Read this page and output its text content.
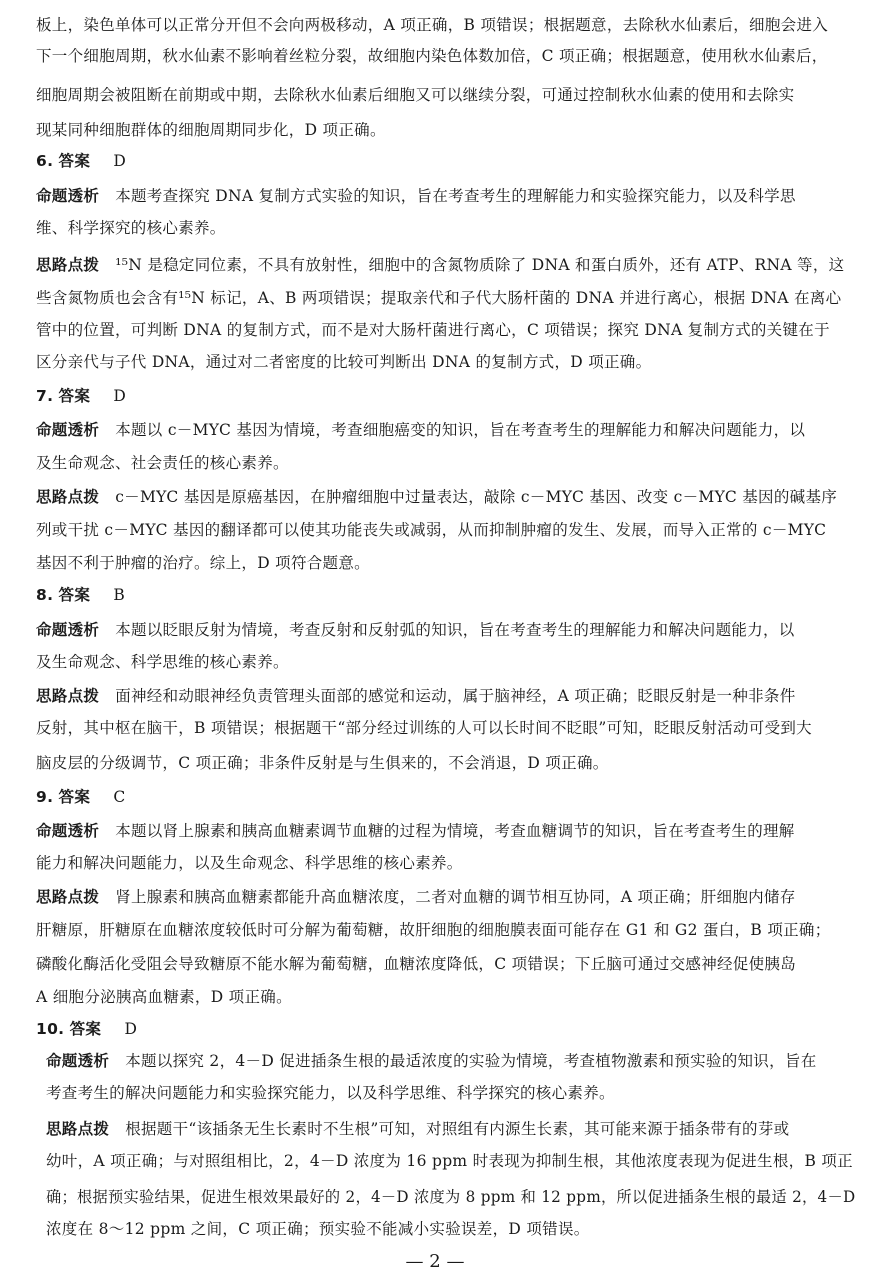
板上，染色单体可以正常分开但不会向两极移动，A 项正确，B 项错误；根据题意，去除秋水仙素后，细胞会进入
下一个细胞周期，秋水仙素不影响着丝粒分裂，故细胞内染色体数加倍，C 项正确；根据题意，使用秋水仙素后，
细胞周期会被阻断在前期或中期，去除秋水仙素后细胞又可以继续分裂，可通过控制秋水仙素的使用和去除实
现某同种细胞群体的细胞周期同步化，D 项正确。
6. 答案 D
命题透析 本题考查探究 DNA 复制方式实验的知识，旨在考查考生的理解能力和实验探究能力，以及科学思
维、科学探究的核心素养。
思路点拨 ¹⁵N 是稳定同位素，不具有放射性，细胞中的含氮物质除了 DNA 和蛋白质外，还有 ATP、RNA 等，这
些含氮物质也会含有¹⁵N 标记，A、B 两项错误；提取亲代和子代大肠杆菌的 DNA 并进行离心，根据 DNA 在离心
管中的位置，可判断 DNA 的复制方式，而不是对大肠杆菌进行离心，C 项错误；探究 DNA 复制方式的关键在于
区分亲代与子代 DNA，通过对二者密度的比较可判断出 DNA 的复制方式，D 项正确。
7. 答案 D
命题透析 本题以 c－MYC 基因为情境，考查细胞癌变的知识，旨在考查考生的理解能力和解决问题能力，以
及生命观念、社会责任的核心素养。
思路点拨 c－MYC 基因是原癌基因，在肿瘤细胞中过量表达，敲除 c－MYC 基因、改变 c－MYC 基因的碱基序
列或干扰 c－MYC 基因的翻译都可以使其功能丧失或减弱，从而抑制肿瘤的发生、发展，而导入正常的 c－MYC
基因不利于肿瘤的治疗。综上，D 项符合题意。
8. 答案 B
命题透析 本题以眨眼反射为情境，考查反射和反射弧的知识，旨在考查考生的理解能力和解决问题能力，以
及生命观念、科学思维的核心素养。
思路点拨 面神经和动眼神经负责管理头面部的感觉和运动，属于脑神经，A 项正确；眨眼反射是一种非条件
反射，其中枢在脑干，B 项错误；根据题干“部分经过训练的人可以长时间不眨眼”可知，眨眼反射活动可受到大
脑皮层的分级调节，C 项正确；非条件反射是与生俱来的，不会消退，D 项正确。
9. 答案 C
命题透析 本题以肾上腺素和胰高血糖素调节血糖的过程为情境，考查血糖调节的知识，旨在考查考生的理解
能力和解决问题能力，以及生命观念、科学思维的核心素养。
思路点拨 肾上腺素和胰高血糖素都能升高血糖浓度，二者对血糖的调节相互协同，A 项正确；肝细胞内储存
肝糖原，肝糖原在血糖浓度较低时可分解为葡萄糖，故肝细胞的细胞膜表面可能存在 G1 和 G2 蛋白，B 项正确；
磷酸化酶活化受阻会导致糖原不能水解为葡萄糖，血糖浓度降低，C 项错误；下丘脑可通过交感神经促使胰岛
A 细胞分泌胰高血糖素，D 项正确。
10. 答案 D
命题透析 本题以探究 2，4－D 促进插条生根的最适浓度的实验为情境，考查植物激素和预实验的知识，旨在
考查考生的解决问题能力和实验探究能力，以及科学思维、科学探究的核心素养。
思路点拨 根据题干“该插条无生长素时不生根”可知，对照组有内源生长素，其可能来源于插条带有的芽或
幼叶，A 项正确；与对照组相比，2，4－D 浓度为 16 ppm 时表现为抑制生根，其他浓度表现为促进生根，B 项正
确；根据预实验结果，促进生根效果最好的 2，4－D 浓度为 8 ppm 和 12 ppm，所以促进插条生根的最适 2，4－D
浓度在 8～12 ppm 之间，C 项正确；预实验不能减小实验误差，D 项错误。
— 2 —
